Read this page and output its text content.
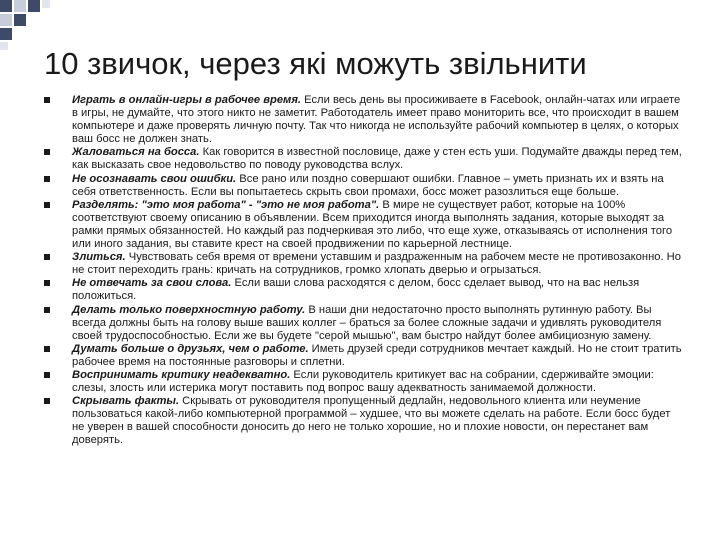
10 звичок, через які можуть звільнити
Играть в онлайн-игры в рабочее время. Если весь день вы просиживаете в Facebook, онлайн-чатах или играете в игры, не думайте, что этого никто не заметит. Работодатель имеет право мониторить все, что происходит в вашем компьютере и даже проверять личную почту. Так что никогда не используйте рабочий компьютер в целях, о которых ваш босс не должен знать.
Жаловаться на босса. Как говорится в известной пословице, даже у стен есть уши. Подумайте дважды перед тем, как высказать свое недовольство по поводу руководства вслух.
Не осознавать свои ошибки. Все рано или поздно совершают ошибки. Главное – уметь признать их и взять на себя ответственность. Если вы попытаетесь скрыть свои промахи, босс может разозлиться еще больше.
Разделять: "это моя работа" - "это не моя работа". В мире не существует работ, которые на 100% соответствуют своему описанию в объявлении. Всем приходится иногда выполнять задания, которые выходят за рамки прямых обязанностей. Но каждый раз подчеркивая это либо, что еще хуже, отказываясь от исполнения того или иного задания, вы ставите крест на своей продвижении по карьерной лестнице.
Злиться. Чувствовать себя время от времени уставшим и раздраженным на рабочем месте не противозаконно. Но не стоит переходить грань: кричать на сотрудников, громко хлопать дверью и огрызаться.
Не отвечать за свои слова. Если ваши слова расходятся с делом, босс сделает вывод, что на вас нельзя положиться.
Делать только поверхностную работу. В наши дни недостаточно просто выполнять рутинную работу. Вы всегда должны быть на голову выше ваших коллег – браться за более сложные задачи и удивлять руководителя своей трудоспособностью. Если же вы будете "серой мышью", вам быстро найдут более амбициозную замену.
Думать больше о друзьях, чем о работе. Иметь друзей среди сотрудников мечтает каждый. Но не стоит тратить рабочее время на постоянные разговоры и сплетни.
Воспринимать критику неадекватно. Если руководитель критикует вас на собрании, сдерживайте эмоции: слезы, злость или истерика могут поставить под вопрос вашу адекватность занимаемой должности.
Скрывать факты. Скрывать от руководителя пропущенный дедлайн, недовольного клиента или неумение пользоваться какой-либо компьютерной программой – худшее, что вы можете сделать на работе. Если босс будет не уверен в вашей способности доносить до него не только хорошие, но и плохие новости, он перестанет вам доверять.
